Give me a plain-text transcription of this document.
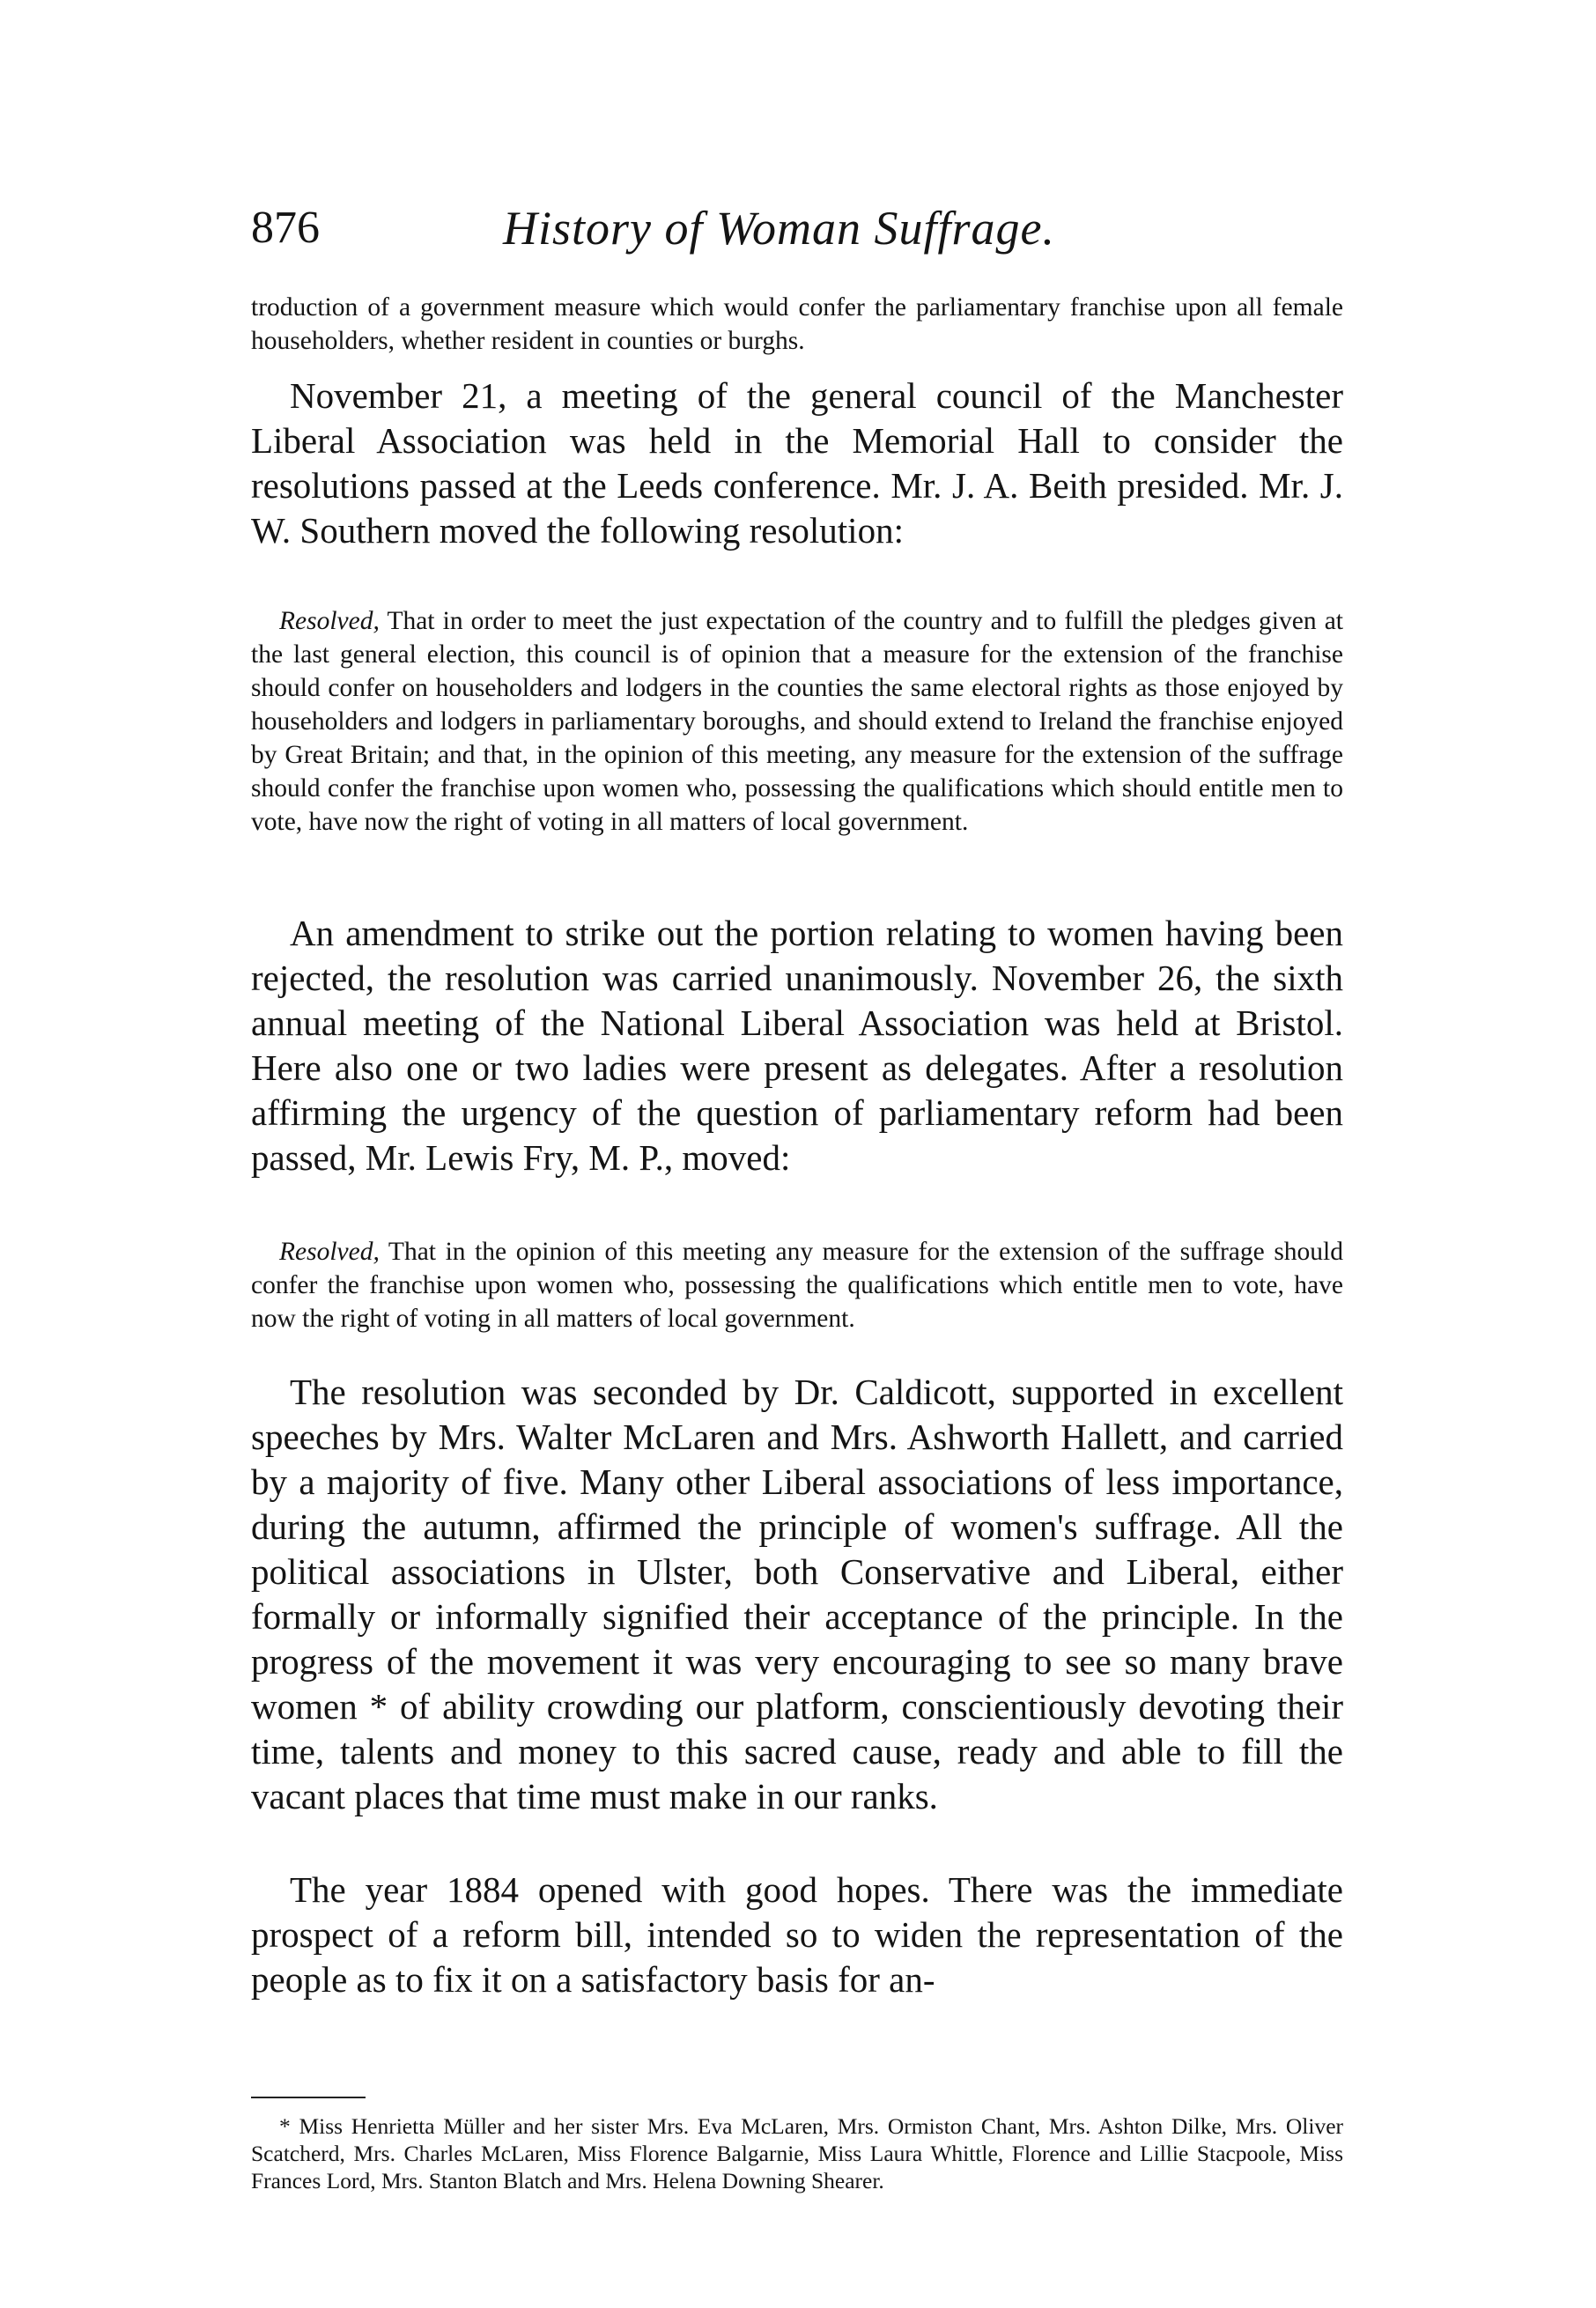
876	History of Woman Suffrage.

troduction of a government measure which would confer the parliamentary franchise upon all female householders, whether resident in counties or burghs.

November 21, a meeting of the general council of the Manchester Liberal Association was held in the Memorial Hall to consider the resolutions passed at the Leeds conference. Mr. J. A. Beith presided. Mr. J. W. Southern moved the following resolution:

Resolved, That in order to meet the just expectation of the country and to fulfill the pledges given at the last general election, this council is of opinion that a measure for the extension of the franchise should confer on householders and lodgers in the counties the same electoral rights as those enjoyed by householders and lodgers in parliamentary boroughs, and should extend to Ireland the franchise enjoyed by Great Britain; and that, in the opinion of this meeting, any measure for the extension of the suffrage should confer the franchise upon women who, possessing the qualifications which should entitle men to vote, have now the right of voting in all matters of local government.

An amendment to strike out the portion relating to women having been rejected, the resolution was carried unanimously. November 26, the sixth annual meeting of the National Liberal Association was held at Bristol. Here also one or two ladies were present as delegates. After a resolution affirming the urgency of the question of parliamentary reform had been passed, Mr. Lewis Fry, M. P., moved:

Resolved, That in the opinion of this meeting any measure for the extension of the suffrage should confer the franchise upon women who, possessing the qualifications which entitle men to vote, have now the right of voting in all matters of local government.

The resolution was seconded by Dr. Caldicott, supported in excellent speeches by Mrs. Walter McLaren and Mrs. Ashworth Hallett, and carried by a majority of five. Many other Liberal associations of less importance, during the autumn, affirmed the principle of women's suffrage. All the political associations in Ulster, both Conservative and Liberal, either formally or informally signified their acceptance of the principle. In the progress of the movement it was very encouraging to see so many brave women * of ability crowding our platform, conscientiously devoting their time, talents and money to this sacred cause, ready and able to fill the vacant places that time must make in our ranks.

The year 1884 opened with good hopes. There was the immediate prospect of a reform bill, intended so to widen the representation of the people as to fix it on a satisfactory basis for an-

* Miss Henrietta Müller and her sister Mrs. Eva McLaren, Mrs. Ormiston Chant, Mrs. Ashton Dilke, Mrs. Oliver Scatcherd, Mrs. Charles McLaren, Miss Florence Balgarnie, Miss Laura Whittle, Florence and Lillie Stacpoole, Miss Frances Lord, Mrs. Stanton Blatch and Mrs. Helena Downing Shearer.
